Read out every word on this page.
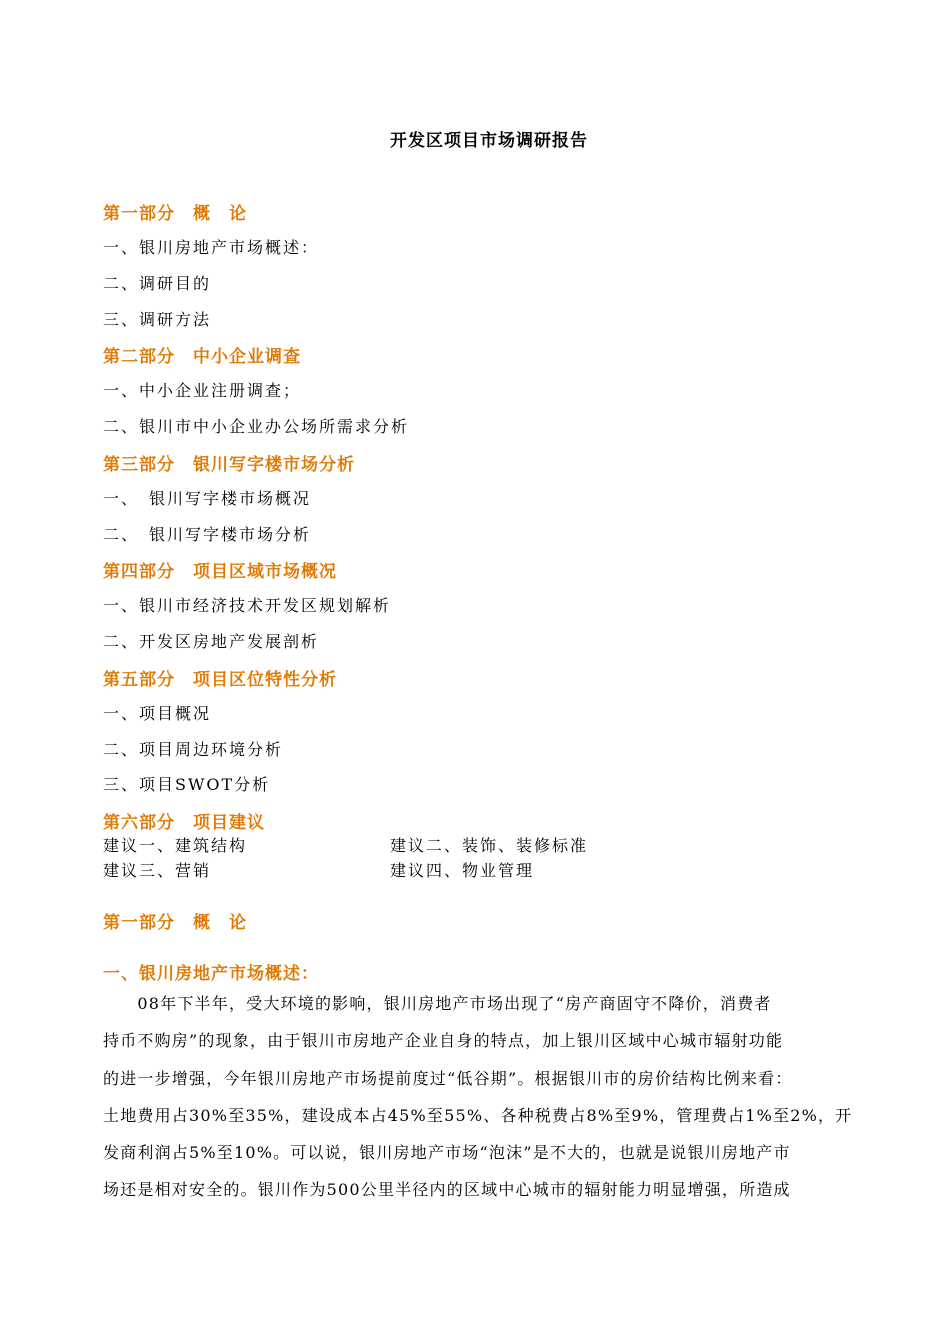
开发区项目市场调研报告
第一部分　概　论
一、银川房地产市场概述：
二、调研目的
三、调研方法
第二部分　中小企业调查
一、中小企业注册调查；
二、银川市中小企业办公场所需求分析
第三部分　银川写字楼市场分析
一、　银川写字楼市场概况
二、　银川写字楼市场分析
第四部分　项目区域市场概况
一、银川市经济技术开发区规划解析
二、开发区房地产发展剖析
第五部分　项目区位特性分析
一、项目概况
二、项目周边环境分析
三、项目SWOT分析
第六部分　项目建议
建议一、建筑结构	建议二、装饰、装修标准
建议三、营销	建议四、物业管理
第一部分　概　论
一、银川房地产市场概述：
　　08年下半年，受大环境的影响，银川房地产市场出现了“房产商固守不降价，消费者
持币不购房”的现象，由于银川市房地产企业自身的特点，加上银川区域中心城市辐射功能
的进一步增强，今年银川房地产市场提前度过“低谷期”。根据银川市的房价结构比例来看：
土地费用占30%至35%，建设成本占45%至55%、各种税费占8%至9%，管理费占1%至2%，开
发商利润占5%至10%。可以说，银川房地产市场“泡沫”是不大的，也就是说银川房地产市
场还是相对安全的。银川作为500公里半径内的区域中心城市的辐射能力明显增强，所造成
